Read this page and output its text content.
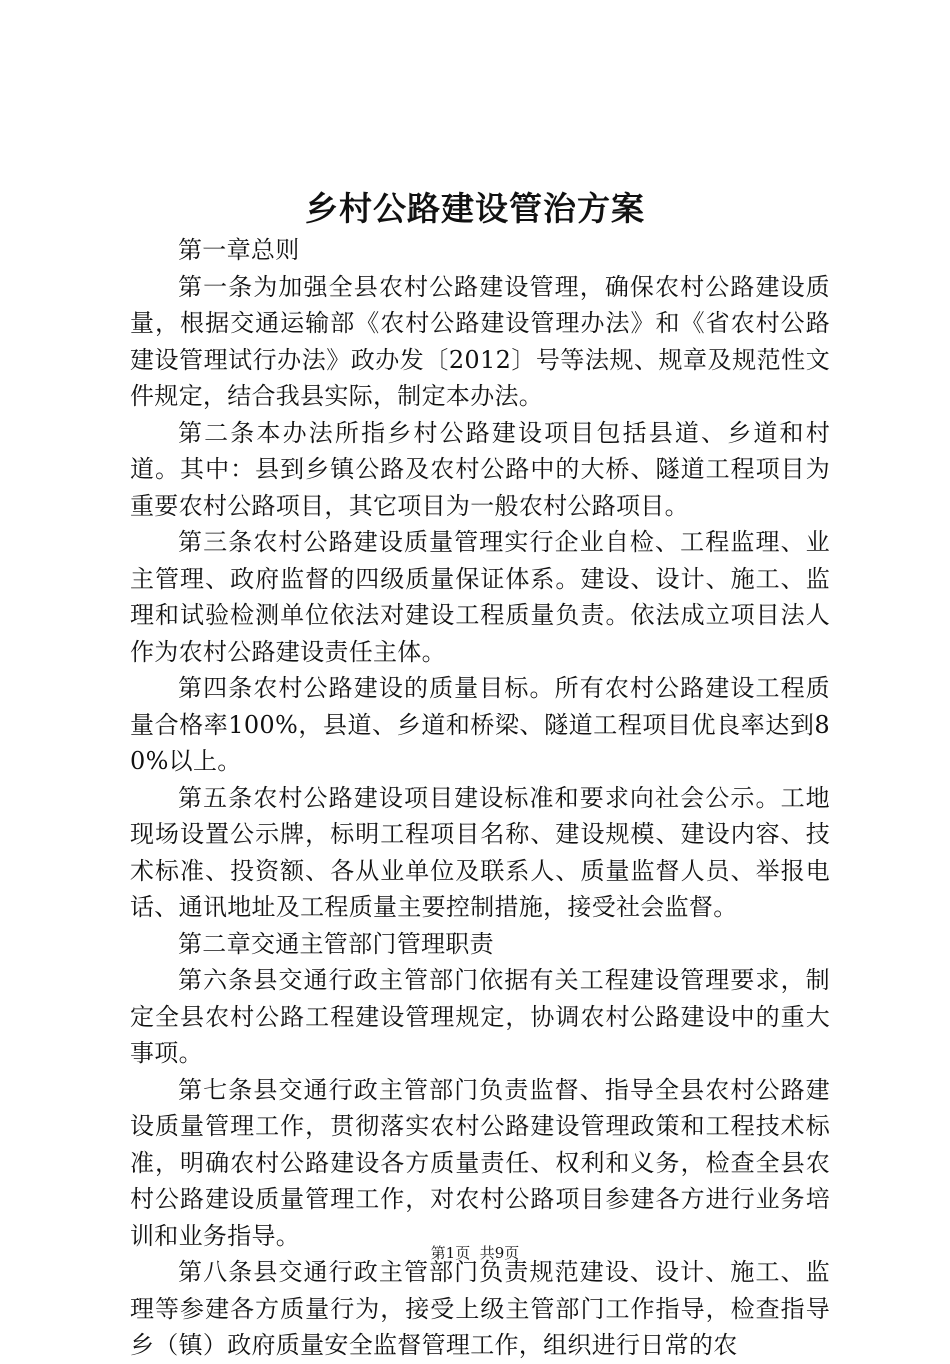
乡村公路建设管治方案

第一章总则

第一条为加强全县农村公路建设管理，确保农村公路建设质量，根据交通运输部《农村公路建设管理办法》和《省农村公路建设管理试行办法》政办发〔2012〕号等法规、规章及规范性文件规定，结合我县实际，制定本办法。

第二条本办法所指乡村公路建设项目包括县道、乡道和村道。其中：县到乡镇公路及农村公路中的大桥、隧道工程项目为重要农村公路项目，其它项目为一般农村公路项目。

第三条农村公路建设质量管理实行企业自检、工程监理、业主管理、政府监督的四级质量保证体系。建设、设计、施工、监理和试验检测单位依法对建设工程质量负责。依法成立项目法人作为农村公路建设责任主体。

第四条农村公路建设的质量目标。所有农村公路建设工程质量合格率100%，县道、乡道和桥梁、隧道工程项目优良率达到80%以上。

第五条农村公路建设项目建设标准和要求向社会公示。工地现场设置公示牌，标明工程项目名称、建设规模、建设内容、技术标准、投资额、各从业单位及联系人、质量监督人员、举报电话、通讯地址及工程质量主要控制措施，接受社会监督。

第二章交通主管部门管理职责

第六条县交通行政主管部门依据有关工程建设管理要求，制定全县农村公路工程建设管理规定，协调农村公路建设中的重大事项。

第七条县交通行政主管部门负责监督、指导全县农村公路建设质量管理工作，贯彻落实农村公路建设管理政策和工程技术标准，明确农村公路建设各方质量责任、权利和义务，检查全县农村公路建设质量管理工作，对农村公路项目参建各方进行业务培训和业务指导。

第八条县交通行政主管部门负责规范建设、设计、施工、监理等参建各方质量行为，接受上级主管部门工作指导，检查指导乡（镇）政府质量安全监督管理工作，组织进行日常的农

第1页 共9页
